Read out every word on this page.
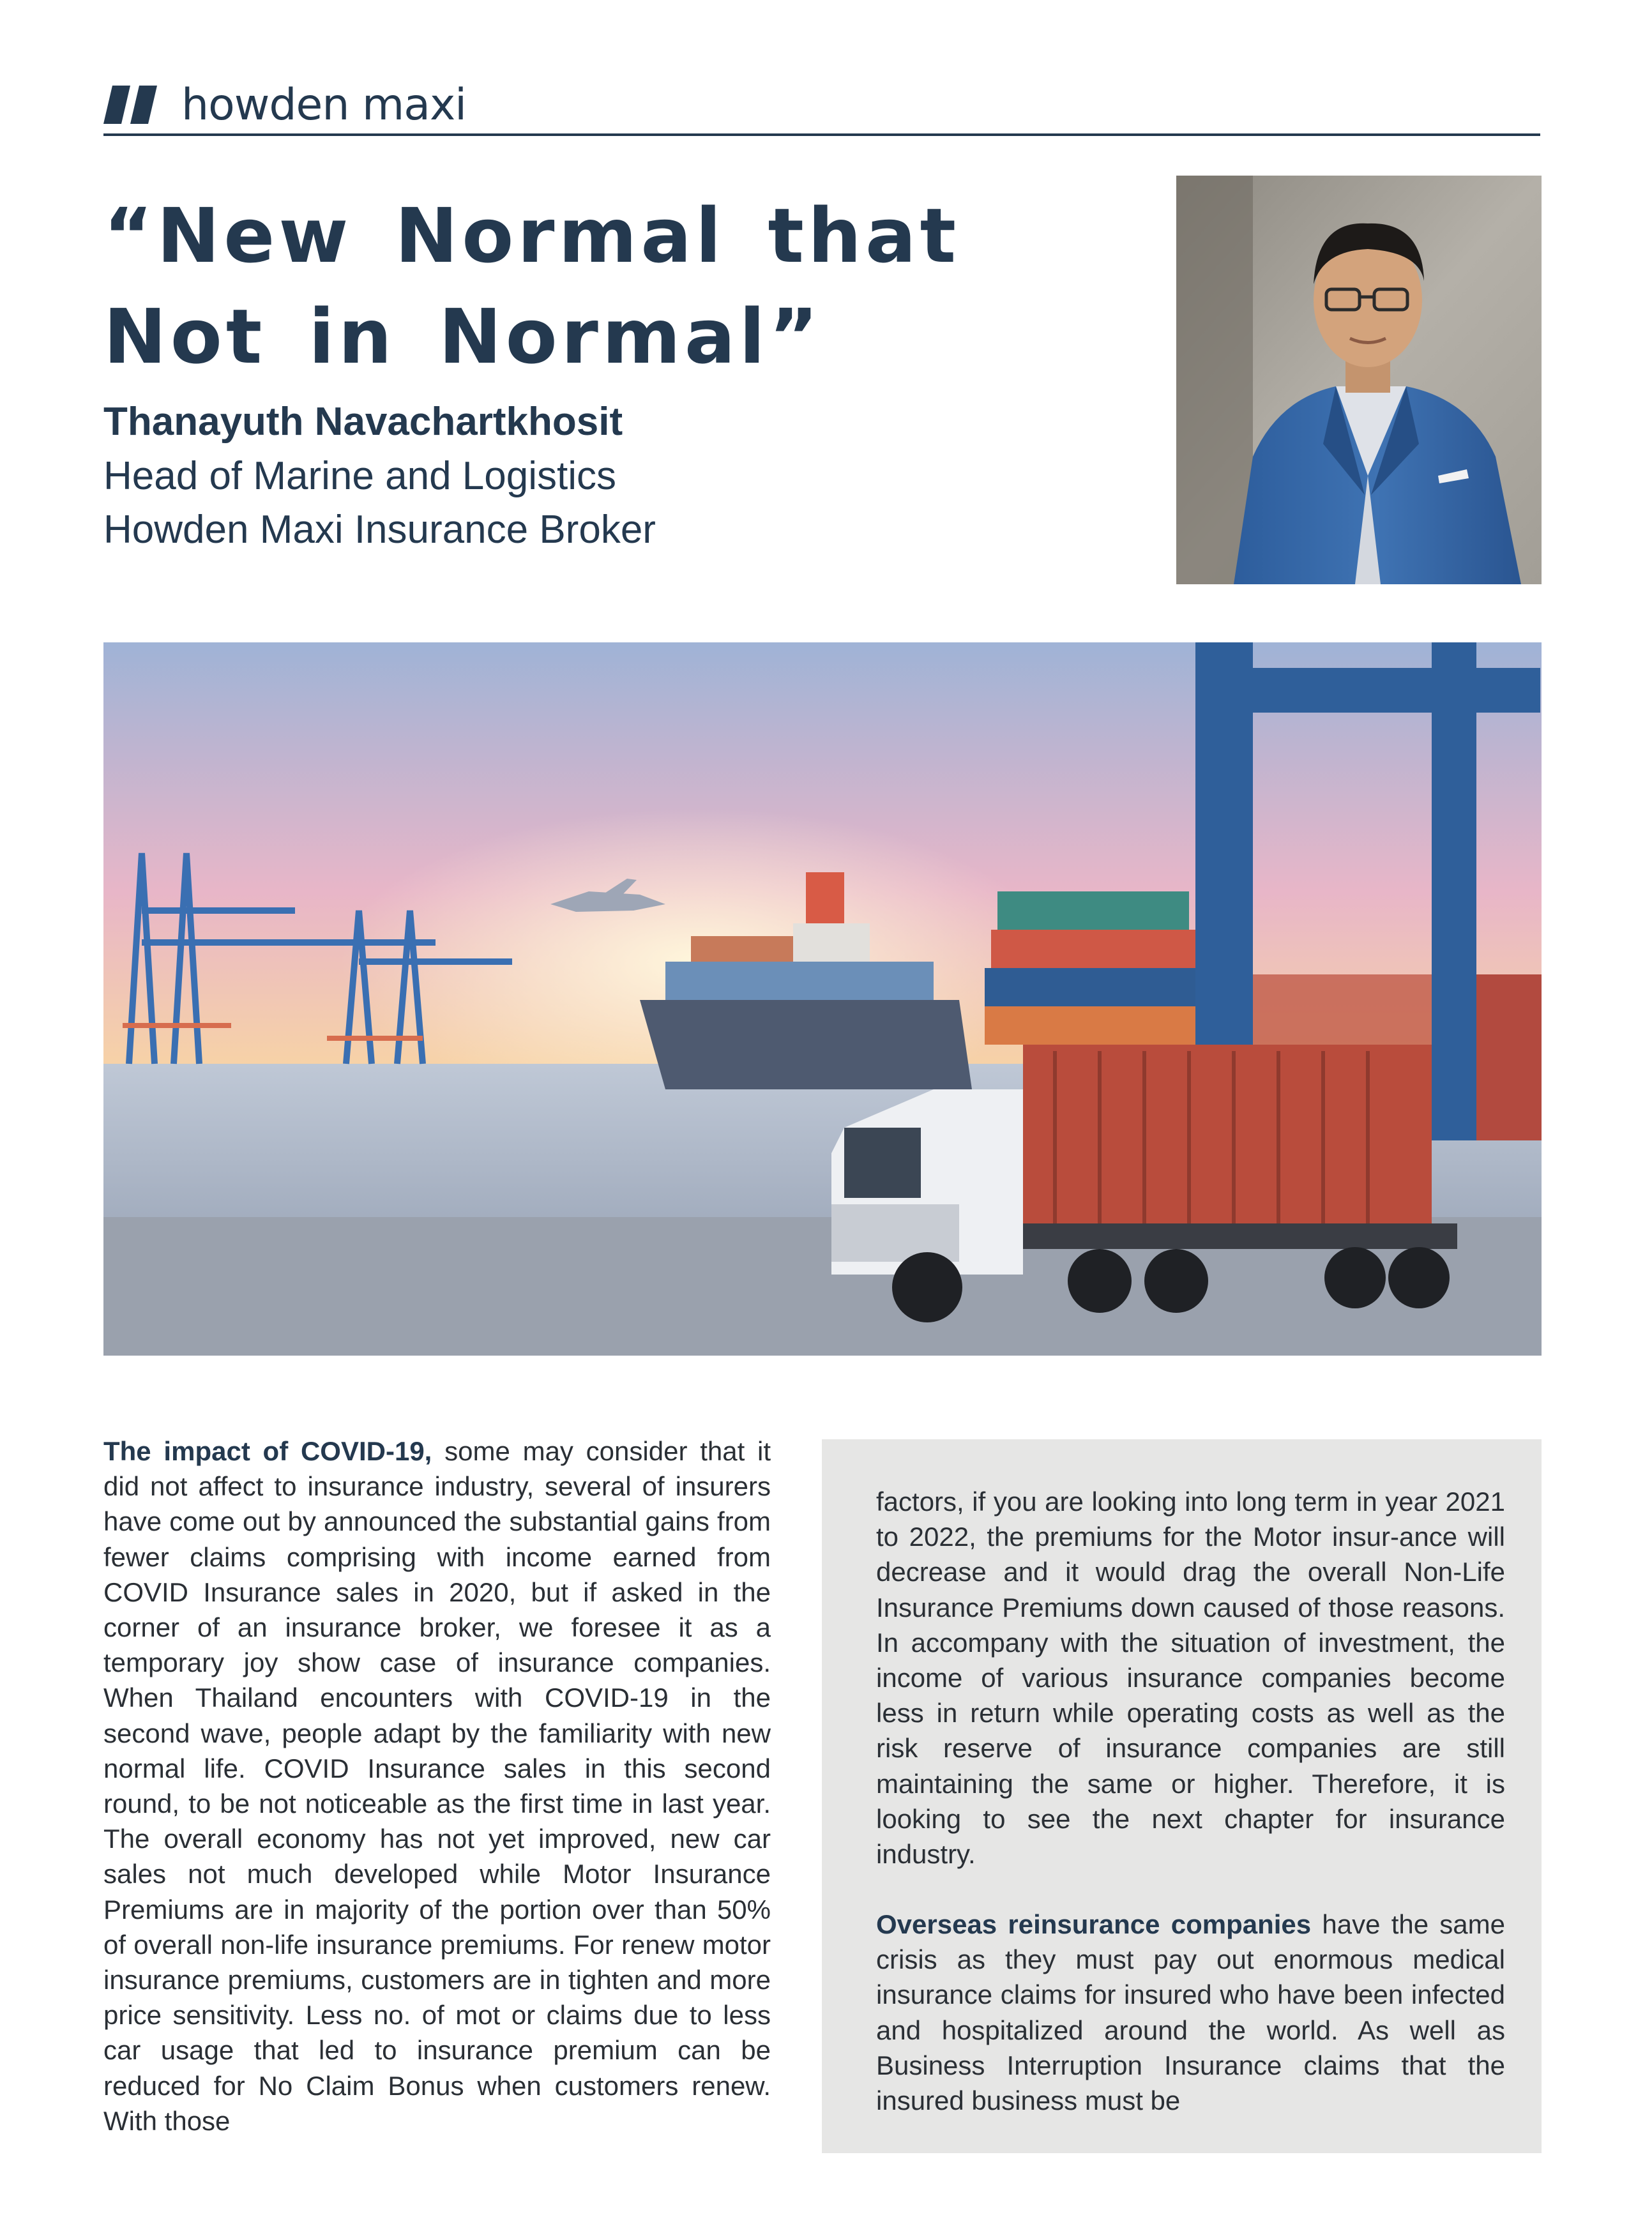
howden maxi
“New Normal that Not in Normal”
Thanayuth Navachartkhosit
Head of Marine and Logistics
Howden Maxi Insurance Broker

The impact of COVID-19, some may consider that it did not affect to insurance industry, several of insurers have come out by announced the substantial gains from fewer claims comprising with income earned from COVID Insurance sales in 2020, but if asked in the corner of an insurance broker, we foresee it as a temporary joy show case of insurance companies. When Thailand encounters with COVID-19 in the second wave, people adapt by the familiarity with new normal life. COVID Insurance sales in this second round, to be not noticeable as the first time in last year. The overall economy has not yet improved, new car sales not much developed while Motor Insurance Premiums are in majority of the portion over than 50% of overall non-life insurance premiums. For renew motor insurance premiums, customers are in tighten and more price sensitivity. Less no. of mot or claims due to less car usage that led to insurance premium can be reduced for No Claim Bonus when customers renew. With those

factors, if you are looking into long term in year 2021 to 2022, the premiums for the Motor insur-ance will decrease and it would drag the overall Non-Life Insurance Premiums down caused of those reasons. In accompany with the situation of investment, the income of various insurance companies become less in return while operating costs as well as the risk reserve of insurance companies are still maintaining the same or higher. Therefore, it is looking to see the next chapter for insurance industry.

Overseas reinsurance companies have the same crisis as they must pay out enormous medical insurance claims for insured who have been infected and hospitalized around the world. As well as Business Interruption Insurance claims that the insured business must be
